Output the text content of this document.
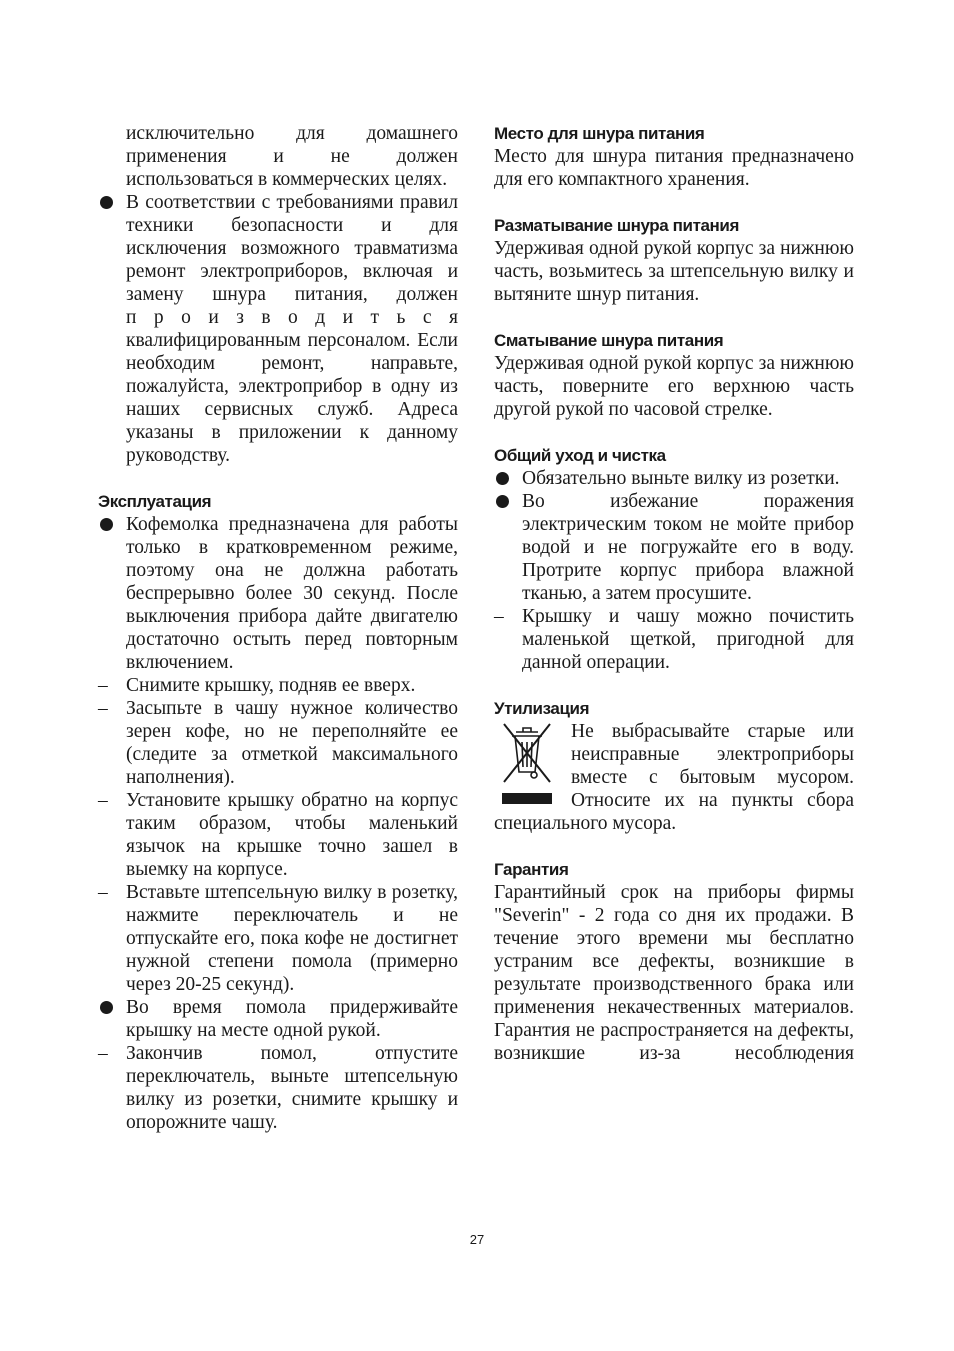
исключительно для домашнего применения и не должен использоваться в коммерческих целях.

В соответствии с требованиями правил техники безопасности и для исключения возможного травматизма ремонт электроприборов, включая и замену шнура питания, должен

п р о и з в о д и т ь с я

квалифицированным персоналом. Если необходим ремонт, направьте, пожалуйста, электроприбор в одну из наших сервисных служб. Адреса указаны в приложении к данному руководству.

Эксплуатация

Кофемолка предназначена для работы только в кратковременном режиме, поэтому она не должна работать беспрерывно более 30 секунд. После выключения прибора дайте двигателю достаточно остыть перед повторным включением.

– Снимите крышку, подняв ее вверх.

– Засыпьте в чашу нужное количество зерен кофе, но не переполняйте ее (следите за отметкой максимального наполнения).

– Установите крышку обратно на корпус таким образом, чтобы маленький язычок на крышке точно зашел в выемку на корпусе.

– Вставьте штепсельную вилку в розетку, нажмите переключатель и не отпускайте его, пока кофе не достигнет нужной степени помола (примерно через 20-25 секунд).

Во время помола придерживайте крышку на месте одной рукой.

– Закончив помол, отпустите переключатель, выньте штепсельную вилку из розетки, снимите крышку и опорожните чашу.

Место для шнура питания

Место для шнура питания предназначено для его компактного хранения.

Разматывание шнура питания

Удерживая одной рукой корпус за нижнюю часть, возьмитесь за штепсельную вилку и вытяните шнур питания.

Сматывание шнура питания

Удерживая одной рукой корпус за нижнюю часть, поверните его верхнюю часть другой рукой по часовой стрелке.

Общий уход и чистка

Обязательно выньте вилку из розетки.

Во избежание поражения электрическим током не мойте прибор водой и не погружайте его в воду. Протрите корпус прибора влажной тканью, а затем просушите.

– Крышку и чашу можно почистить маленькой щеткой, пригодной для данной операции.

Утилизация

Не выбрасывайте старые или неисправные электроприборы вместе с бытовым мусором. Относите их на пункты сбора специального мусора.

Гарантия

Гарантийный срок на приборы фирмы "Severin" - 2 года со дня их продажи. В течение этого времени мы бесплатно устраним все дефекты, возникшие в результате производственного брака или применения некачественных материалов. Гарантия не распространяется на дефекты, возникшие из-за несоблюдения

27
